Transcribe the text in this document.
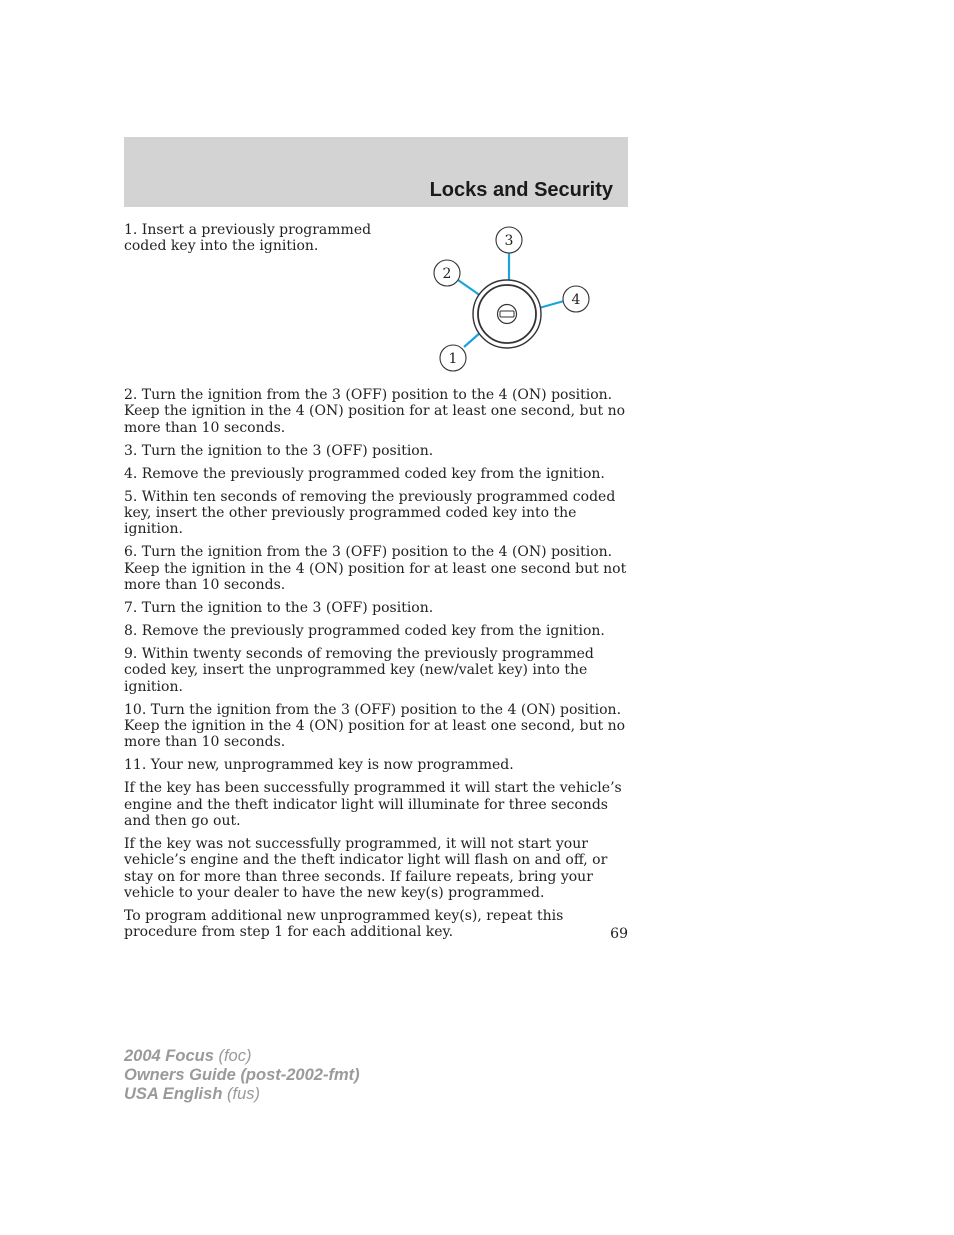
Locks and Security
1. Insert a previously programmed coded key into the ignition.	3
2
4
1

2. Turn the ignition from the 3 (OFF) position to the 4 (ON) position. Keep the ignition in the 4 (ON) position for at least one second, but no more than 10 seconds.

3. Turn the ignition to the 3 (OFF) position.

4. Remove the previously programmed coded key from the ignition.

5. Within ten seconds of removing the previously programmed coded key, insert the other previously programmed coded key into the ignition.

6. Turn the ignition from the 3 (OFF) position to the 4 (ON) position. Keep the ignition in the 4 (ON) position for at least one second but not more than 10 seconds.

7. Turn the ignition to the 3 (OFF) position.

8. Remove the previously programmed coded key from the ignition.

9. Within twenty seconds of removing the previously programmed coded key, insert the unprogrammed key (new/valet key) into the ignition.

10. Turn the ignition from the 3 (OFF) position to the 4 (ON) position. Keep the ignition in the 4 (ON) position for at least one second, but no more than 10 seconds.

11. Your new, unprogrammed key is now programmed.

If the key has been successfully programmed it will start the vehicle’s engine and the theft indicator light will illuminate for three seconds and then go out.

If the key was not successfully programmed, it will not start your vehicle’s engine and the theft indicator light will flash on and off, or stay on for more than three seconds. If failure repeats, bring your vehicle to your dealer to have the new key(s) programmed.

To program additional new unprogrammed key(s), repeat this procedure from step 1 for each additional key.	69
2004 Focus (foc)
Owners Guide (post-2002-fmt)
USA English (fus)
